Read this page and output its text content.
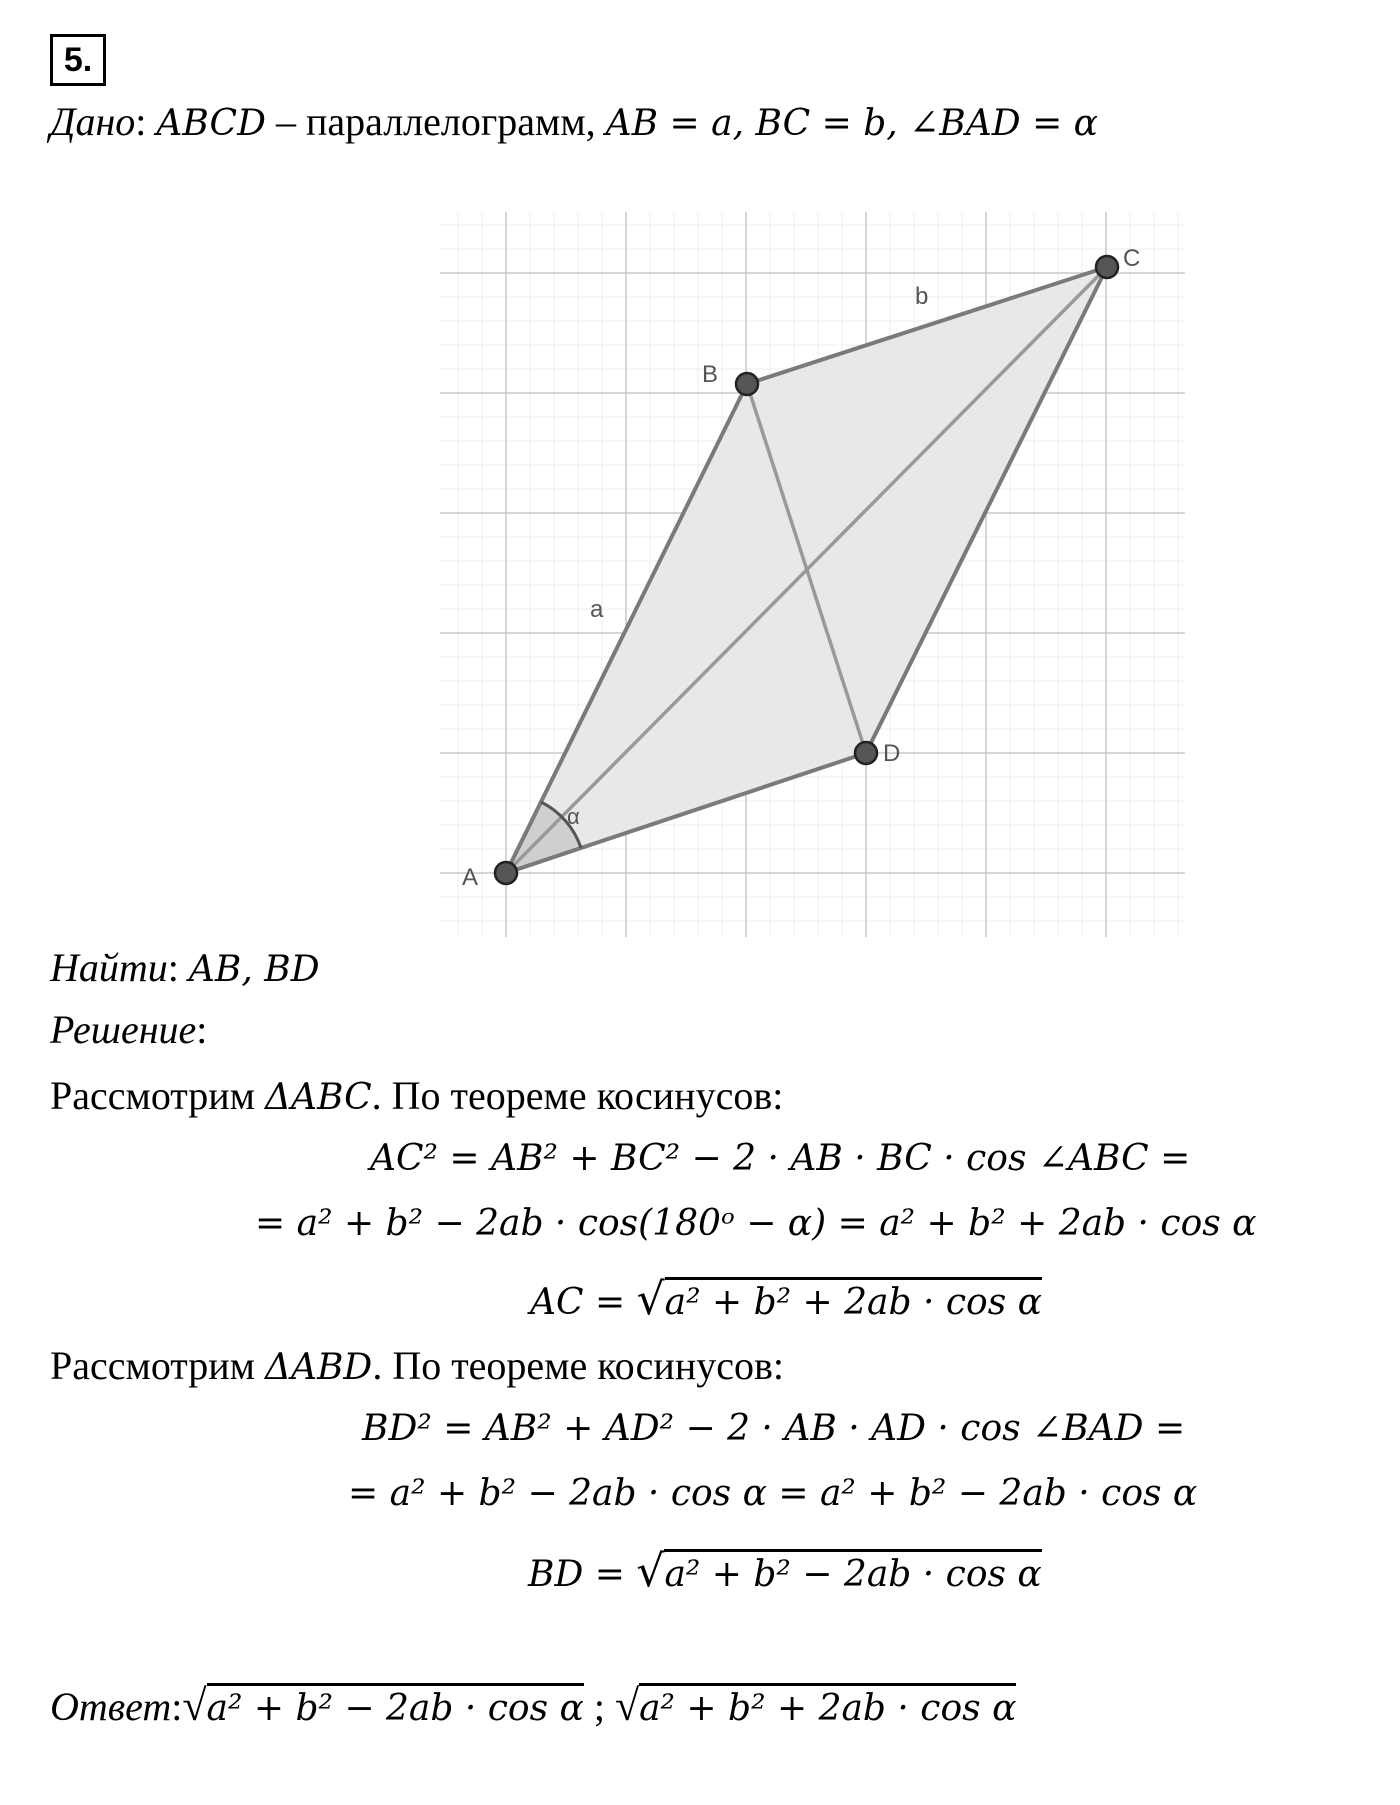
5.
Дано: ABCD – параллелограмм, AB = a, BC = b, ∠BAD = α
A
B
C
D
a
b
α
Найти: AB, BD
Решение:
Рассмотрим ΔABC. По теореме косинусов:
AC² = AB² + BC² − 2 · AB · BC · cos ∠ABC =
= a² + b² − 2ab · cos(180ᵒ − α) = a² + b² + 2ab · cos α
AC = √a² + b² + 2ab · cos α
Рассмотрим ΔABD. По теореме косинусов:
BD² = AB² + AD² − 2 · AB · AD · cos ∠BAD =
= a² + b² − 2ab · cos α = a² + b² − 2ab · cos α
BD = √a² + b² − 2ab · cos α
Ответ:√a² + b² − 2ab · cos α ; √a² + b² + 2ab · cos α
